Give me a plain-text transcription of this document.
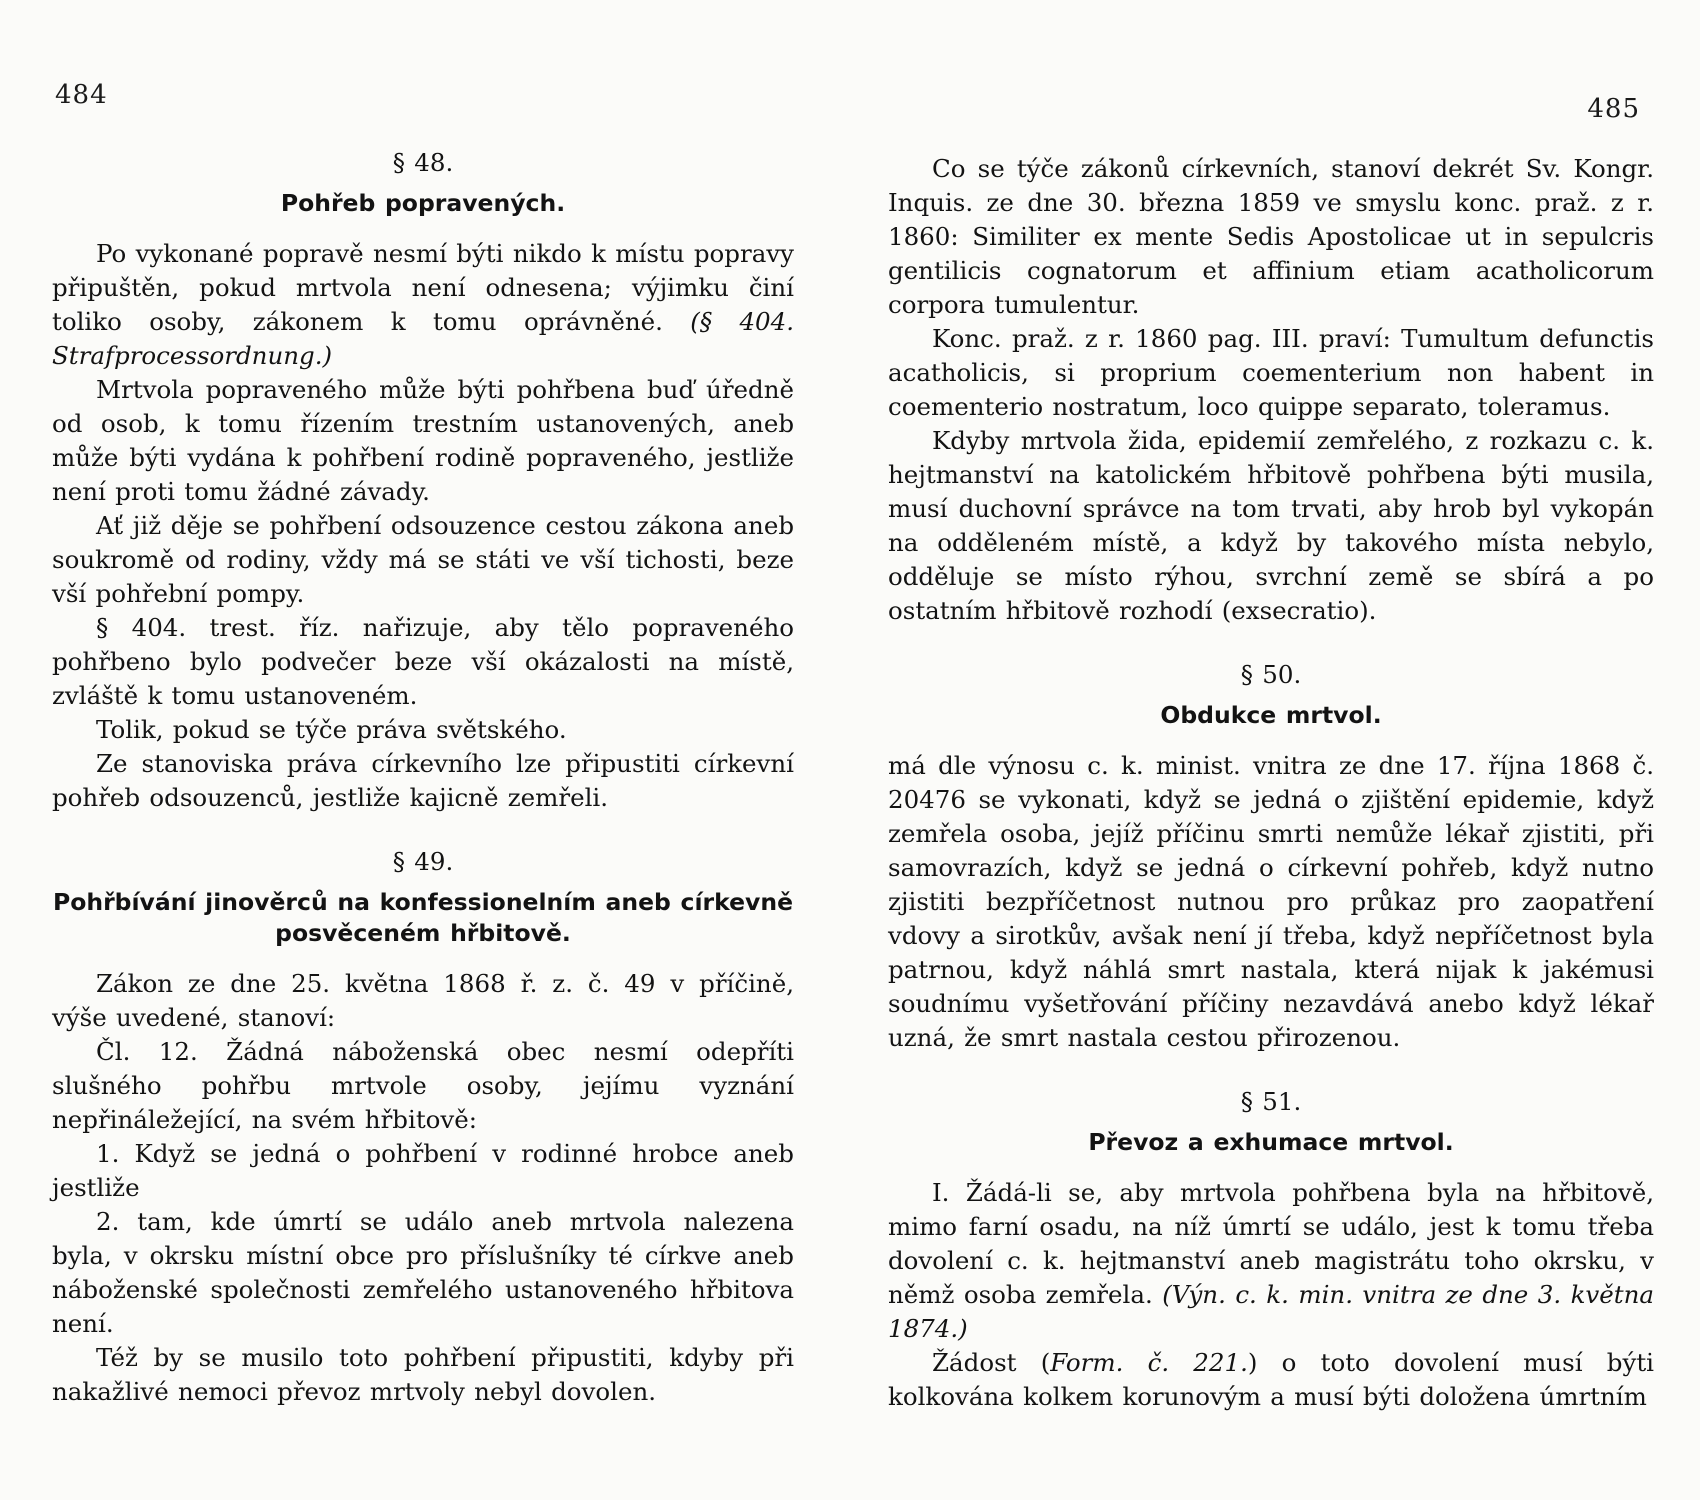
484	485

§ 48.

Pohřeb popravených.

Po vykonané popravě nesmí býti nikdo k místu popravy připuštěn, pokud mrtvola není odnesena; výjimku činí toliko osoby, zákonem k tomu oprávněné. (§ 404. Strafprocessordnung.)

Mrtvola popraveného může býti pohřbena buď úředně od osob, k tomu řízením trestním ustanovených, aneb může býti vydána k pohřbení rodině popraveného, jestliže není proti tomu žádné závady.

Ať již děje se pohřbení odsouzence cestou zákona aneb soukromě od rodiny, vždy má se státi ve vší tichosti, beze vší pohřební pompy.

§ 404. trest. říz. nařizuje, aby tělo popraveného pohřbeno bylo podvečer beze vší okázalosti na místě, zvláště k tomu ustanoveném.

Tolik, pokud se týče práva světského.

Ze stanoviska práva církevního lze připustiti církevní pohřeb odsouzenců, jestliže kajicně zemřeli.

§ 49.

Pohřbívání jinověrců na konfessionelním aneb církevně posvěceném hřbitově.

Zákon ze dne 25. května 1868 ř. z. č. 49 v příčině, výše uvedené, stanoví:

Čl. 12. Žádná náboženská obec nesmí odepříti slušného pohřbu mrtvole osoby, jejímu vyznání nepřináležející, na svém hřbitově:

1. Když se jedná o pohřbení v rodinné hrobce aneb jestliže

2. tam, kde úmrtí se událo aneb mrtvola nalezena byla, v okrsku místní obce pro příslušníky té církve aneb náboženské společnosti zemřelého ustanoveného hřbitova není.

Též by se musilo toto pohřbení připustiti, kdyby při nakažlivé nemoci převoz mrtvoly nebyl dovolen.

Co se týče zákonů církevních, stanoví dekrét Sv. Kongr. Inquis. ze dne 30. března 1859 ve smyslu konc. praž. z r. 1860: Similiter ex mente Sedis Apostolicae ut in sepulcris gentilicis cognatorum et affinium etiam acatholicorum corpora tumulentur.

Konc. praž. z r. 1860 pag. III. praví: Tumultum defunctis acatholicis, si proprium coementerium non habent in coementerio nostratum, loco quippe separato, toleramus.

Kdyby mrtvola žida, epidemií zemřelého, z rozkazu c. k. hejtmanství na katolickém hřbitově pohřbena býti musila, musí duchovní správce na tom trvati, aby hrob byl vykopán na odděleném místě, a když by takového místa nebylo, odděluje se místo rýhou, svrchní země se sbírá a po ostatním hřbitově rozhodí (exsecratio).

§ 50.

Obdukce mrtvol.

má dle výnosu c. k. minist. vnitra ze dne 17. října 1868 č. 20476 se vykonati, když se jedná o zjištění epidemie, když zemřela osoba, jejíž příčinu smrti nemůže lékař zjistiti, při samovrazích, když se jedná o církevní pohřeb, když nutno zjistiti bezpříčetnost nutnou pro průkaz pro zaopatření vdovy a sirotkův, avšak není jí třeba, když nepříčetnost byla patrnou, když náhlá smrt nastala, která nijak k jakémusi soudnímu vyšetřování příčiny nezavdává anebo když lékař uzná, že smrt nastala cestou přirozenou.

§ 51.

Převoz a exhumace mrtvol.

I. Žádá-li se, aby mrtvola pohřbena byla na hřbitově, mimo farní osadu, na níž úmrtí se událo, jest k tomu třeba dovolení c. k. hejtmanství aneb magistrátu toho okrsku, v němž osoba zemřela. (Výn. c. k. min. vnitra ze dne 3. května 1874.)

Žádost (Form. č. 221.) o toto dovolení musí býti kolkována kolkem korunovým a musí býti doložena úmrtním
